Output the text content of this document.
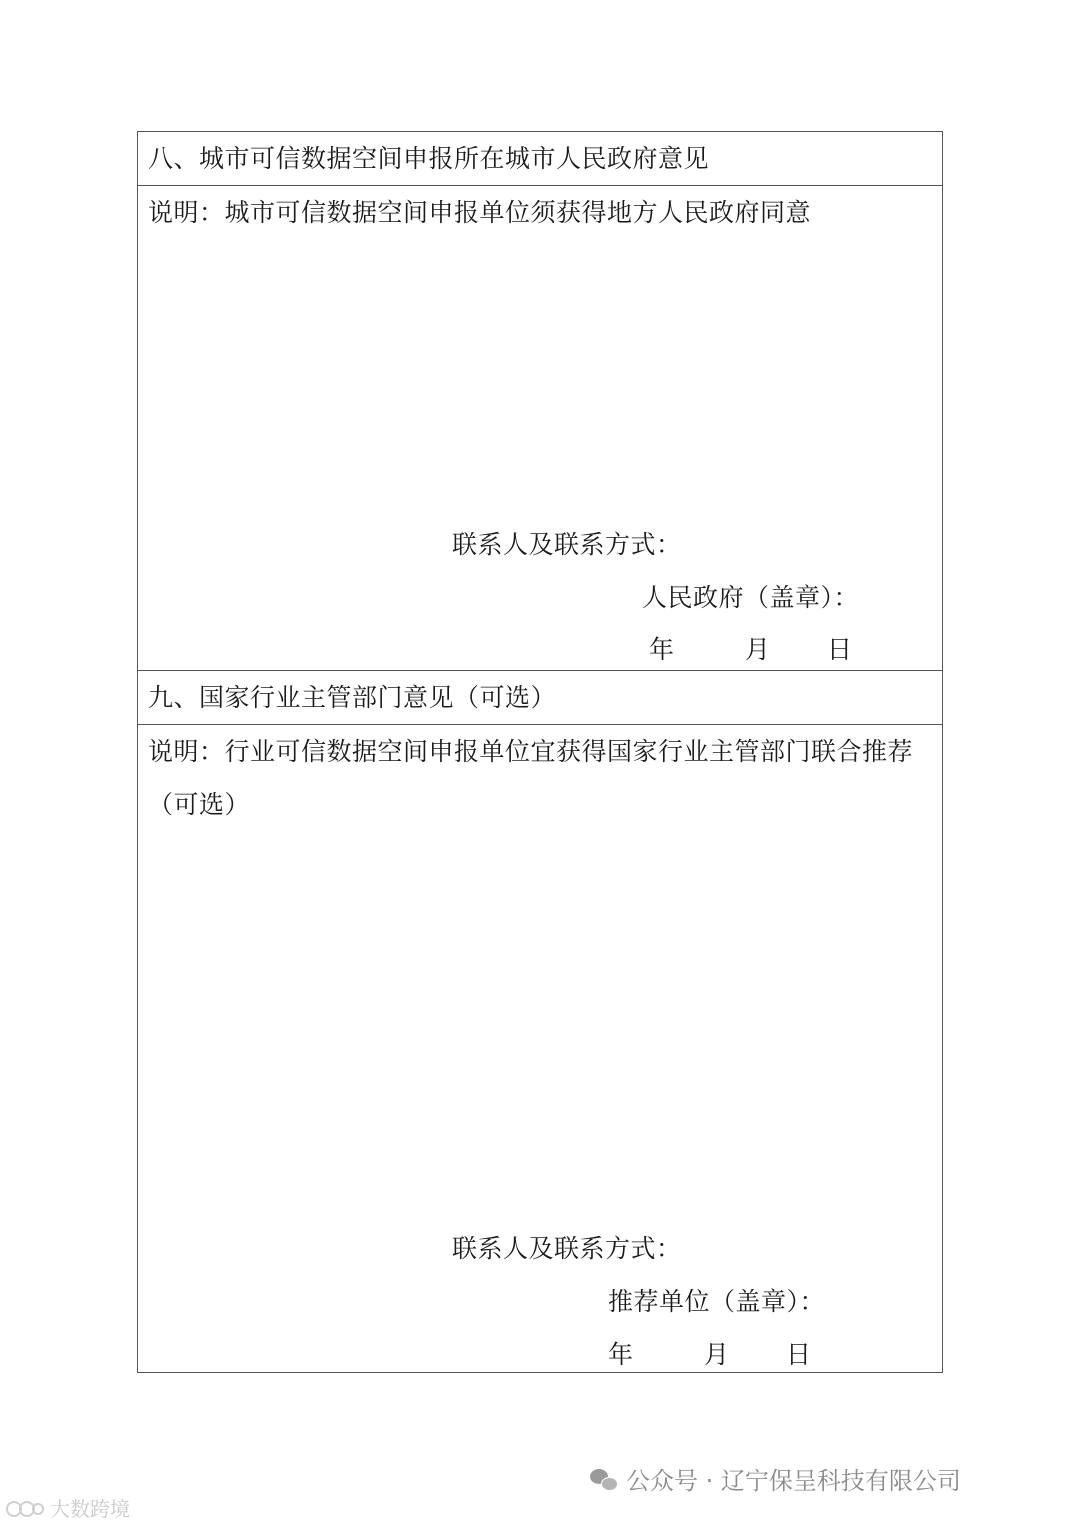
八、城市可信数据空间申报所在城市人民政府意见
说明：城市可信数据空间申报单位须获得地方人民政府同意
联系人及联系方式：
人民政府（盖章）：
年	月 日
九、国家行业主管部门意见（可选）
说明：行业可信数据空间申报单位宜获得国家行业主管部门联合推荐（可选）
联系人及联系方式：
推荐单位（盖章）：
年	月 日
公众号 · 辽宁保呈科技有限公司
大数跨境
